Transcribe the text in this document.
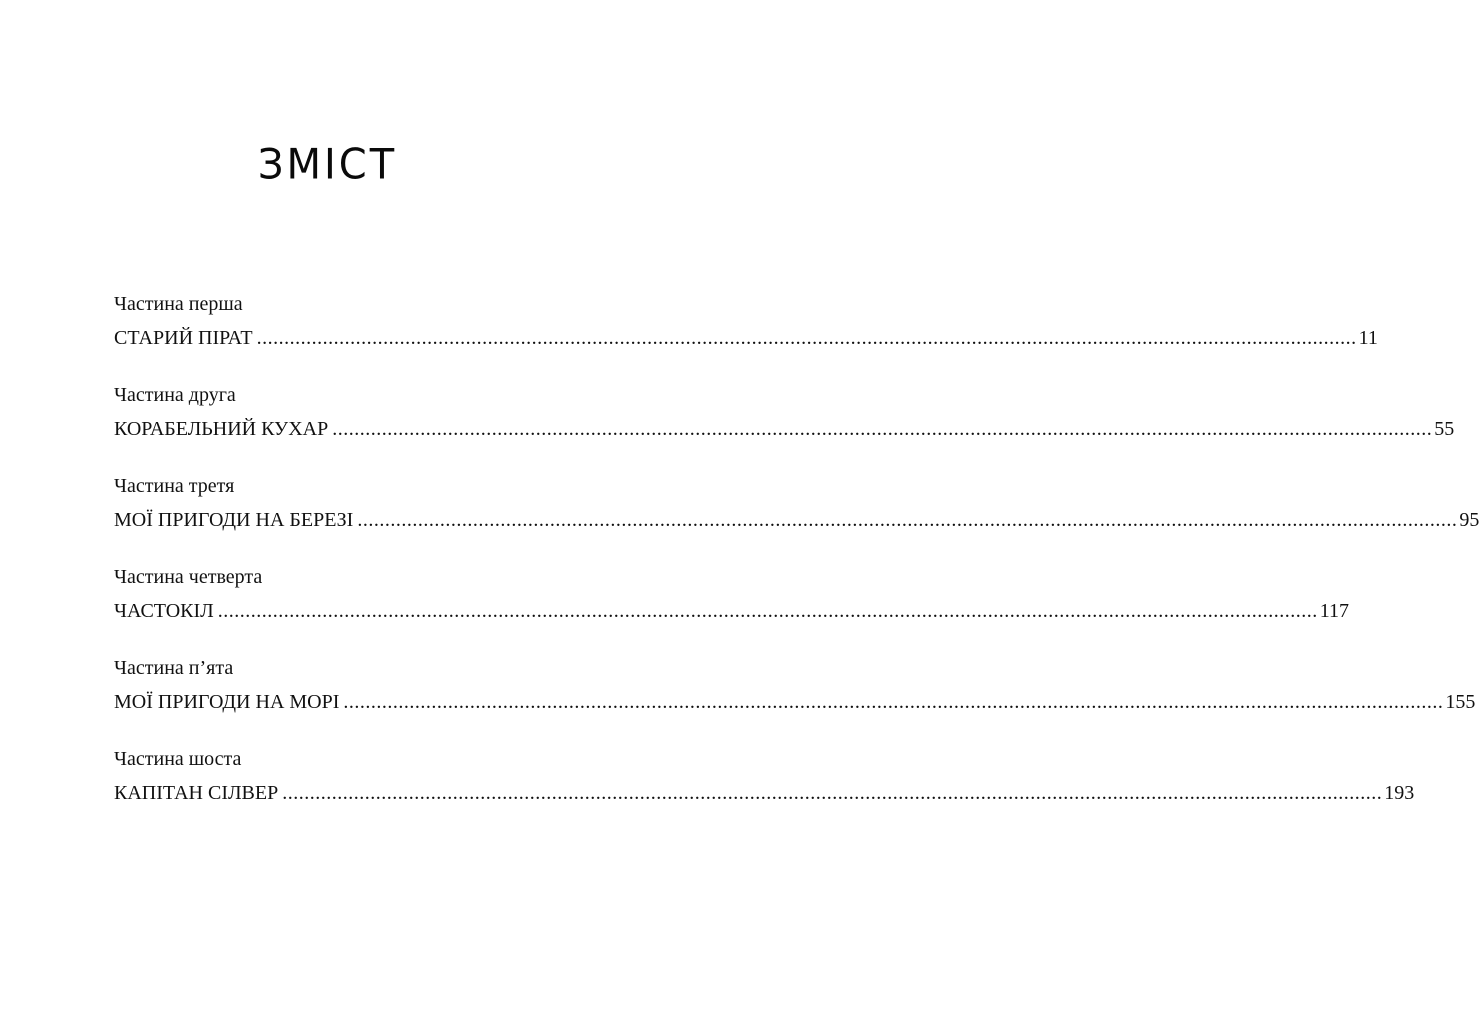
ЗМІСТ
Частина перша
СТАРИЙ ПІРАТ ........................................................................................................................................................................................................ 11
Частина друга
КОРАБЕЛЬНИЙ КУХАР ........................................................................................................................................................................................................ 55
Частина третя
МОЇ ПРИГОДИ НА БЕРЕЗІ ........................................................................................................................................................................................................ 95
Частина четверта
ЧАСТОКІЛ ........................................................................................................................................................................................................ 117
Частина п’ята
МОЇ ПРИГОДИ НА МОРІ ........................................................................................................................................................................................................ 155
Частина шоста
КАПІТАН СІЛВЕР ........................................................................................................................................................................................................ 193
